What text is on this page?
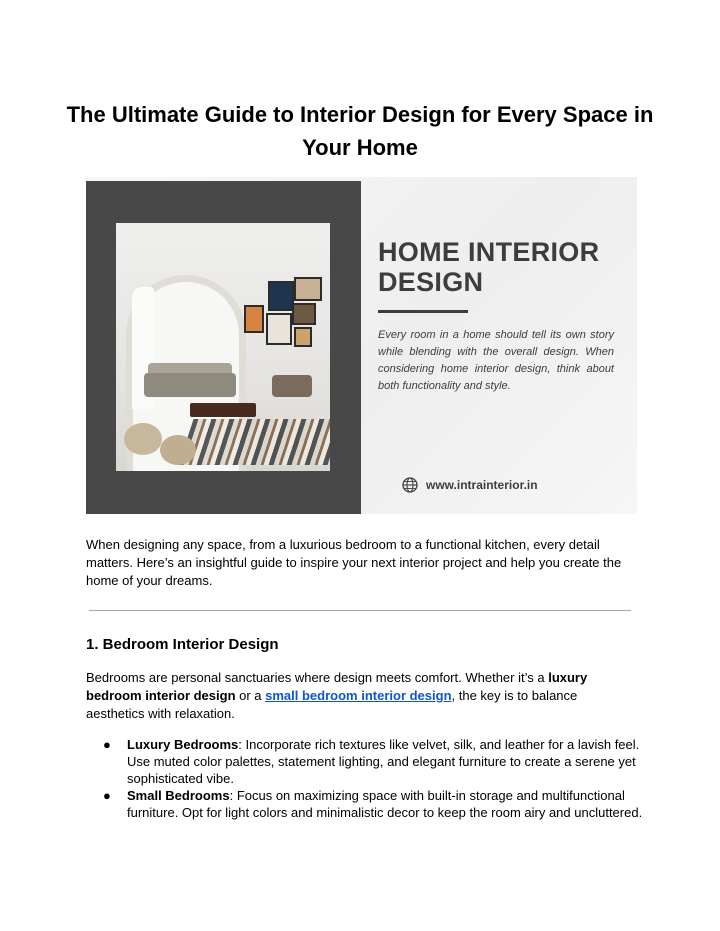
The Ultimate Guide to Interior Design for Every Space in Your Home
HOME INTERIOR DESIGN

Every room in a home should tell its own story while blending with the overall design. When considering home interior design, think about both functionality and style.

www.intrainterior.in

When designing any space, from a luxurious bedroom to a functional kitchen, every detail matters. Here’s an insightful guide to inspire your next interior project and help you create the home of your dreams.

1. Bedroom Interior Design

Bedrooms are personal sanctuaries where design meets comfort. Whether it’s a luxury bedroom interior design or a small bedroom interior design, the key is to balance aesthetics with relaxation.

● Luxury Bedrooms: Incorporate rich textures like velvet, silk, and leather for a lavish feel. Use muted color palettes, statement lighting, and elegant furniture to create a serene yet sophisticated vibe.
● Small Bedrooms: Focus on maximizing space with built-in storage and multifunctional furniture. Opt for light colors and minimalistic decor to keep the room airy and uncluttered.
